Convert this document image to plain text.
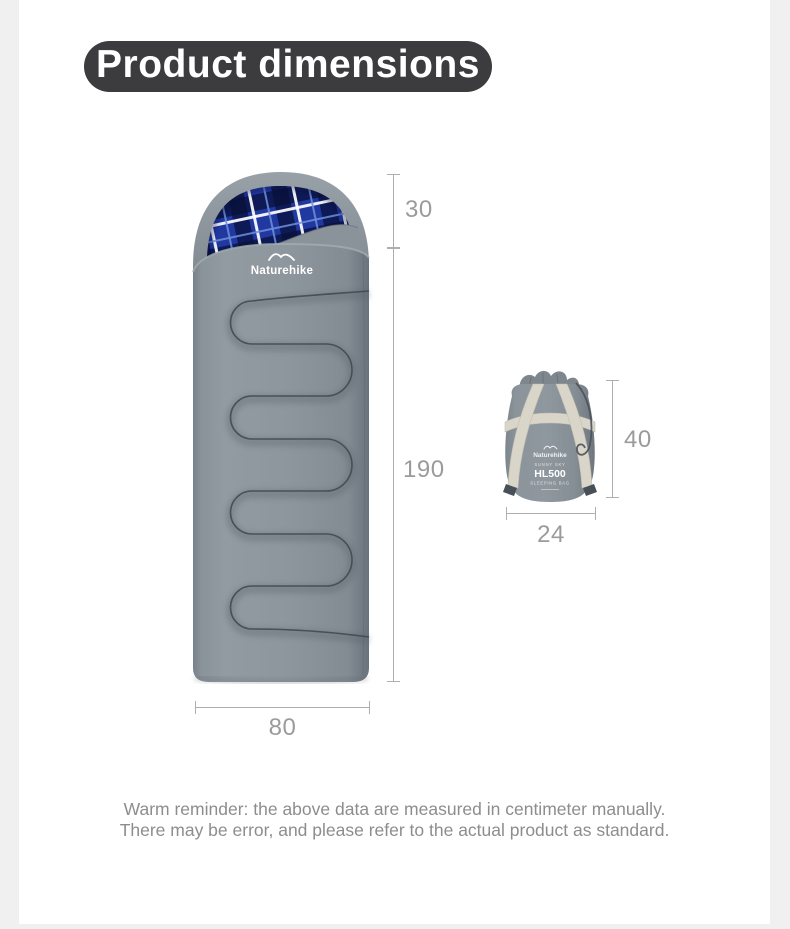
Product dimensions
Naturehike
Naturehike
SUNNY SKY
HL500
SLEEPING BAG
30
190
80
40
24
Warm reminder: the above data are measured in centimeter manually.
There may be error, and please refer to the actual product as standard.
